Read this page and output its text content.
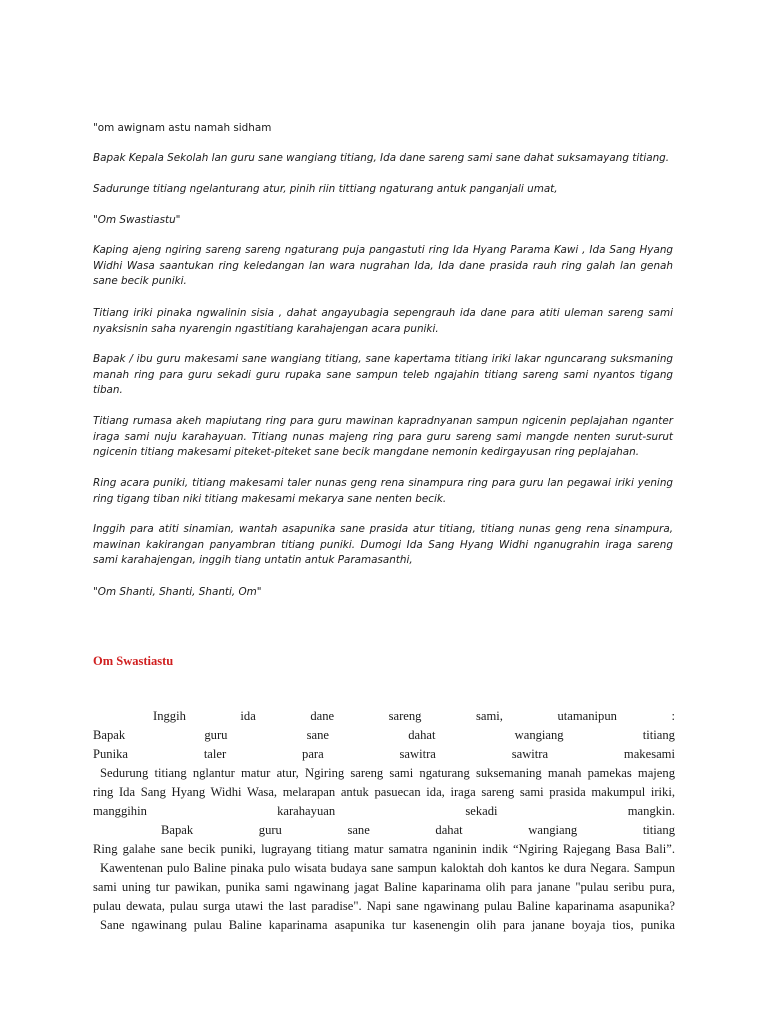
"om awignam astu namah sidham
Bapak Kepala Sekolah lan guru sane wangiang titiang, Ida dane sareng sami sane dahat suksamayang titiang.
Sadurunge titiang ngelanturang atur, pinih riin tittiang ngaturang antuk panganjali umat,
"Om Swastiastu"
Kaping ajeng ngiring sareng sareng ngaturang puja pangastuti ring Ida Hyang Parama Kawi , Ida Sang Hyang Widhi Wasa saantukan ring keledangan lan wara nugrahan Ida, Ida dane prasida rauh ring galah lan genah sane becik puniki.
Titiang iriki pinaka ngwalinin sisia , dahat angayubagia sepengrauh ida dane para atiti uleman sareng sami nyaksisnin saha nyarengin ngastitiang karahajengan acara puniki.
Bapak / ibu guru makesami sane wangiang titiang, sane kapertama titiang iriki lakar nguncarang suksmaning manah ring para guru sekadi guru rupaka sane sampun teleb ngajahin titiang sareng sami nyantos tigang tiban.
Titiang rumasa akeh mapiutang ring para guru mawinan kapradnyanan sampun ngicenin peplajahan nganter iraga sami nuju karahayuan. Titiang nunas majeng ring para guru sareng sami mangde nenten surut-surut ngicenin titiang makesami piteket-piteket sane becik mangdane nemonin kedirgayusan ring peplajahan.
Ring acara puniki, titiang makesami taler nunas geng rena sinampura ring para guru lan pegawai iriki yening ring tigang tiban niki titiang makesami mekarya sane nenten becik.
Inggih para atiti sinamian, wantah asapunika sane prasida atur titiang, titiang nunas geng rena sinampura, mawinan kakirangan panyambran titiang puniki. Dumogi Ida Sang Hyang Widhi nganugrahin iraga sareng sami karahajengan, inggih tiang untatin antuk Paramasanthi,
"Om Shanti, Shanti, Shanti, Om"
Om Swastiastu
Inggih	ida	dane	sareng	sami,	utamanipun	:
Bapak	guru	sane	dahat	wangiang	titiang
Punika	taler	para	sawitra	sawitra	makesami
Sedurung titiang nglantur matur atur, Ngiring sareng sami ngaturang suksemaning manah pamekas majeng
ring Ida Sang Hyang Widhi Wasa, melarapan antuk pasuecan ida, iraga sareng sami prasida makumpul iriki,
manggihin	karahayuan	sekadi	mangkin.
Bapak	guru	sane	dahat	wangiang	titiang
Ring galahe sane becik puniki, lugrayang titiang matur samatra nganinin indik “Ngiring Rajegang Basa Bali”.
Kawentenan pulo Baline pinaka pulo wisata budaya sane sampun kaloktah doh kantos ke dura Negara. Sampun
sami uning tur pawikan, punika sami ngawinang jagat Baline kaparinama olih para janane "pulau seribu pura,
pulau dewata, pulau surga utawi the last paradise". Napi sane ngawinang pulau Baline kaparinama asapunika?
Sane ngawinang pulau Baline kaparinama asapunika tur kasenengin olih para janane boyaja tios, punika
